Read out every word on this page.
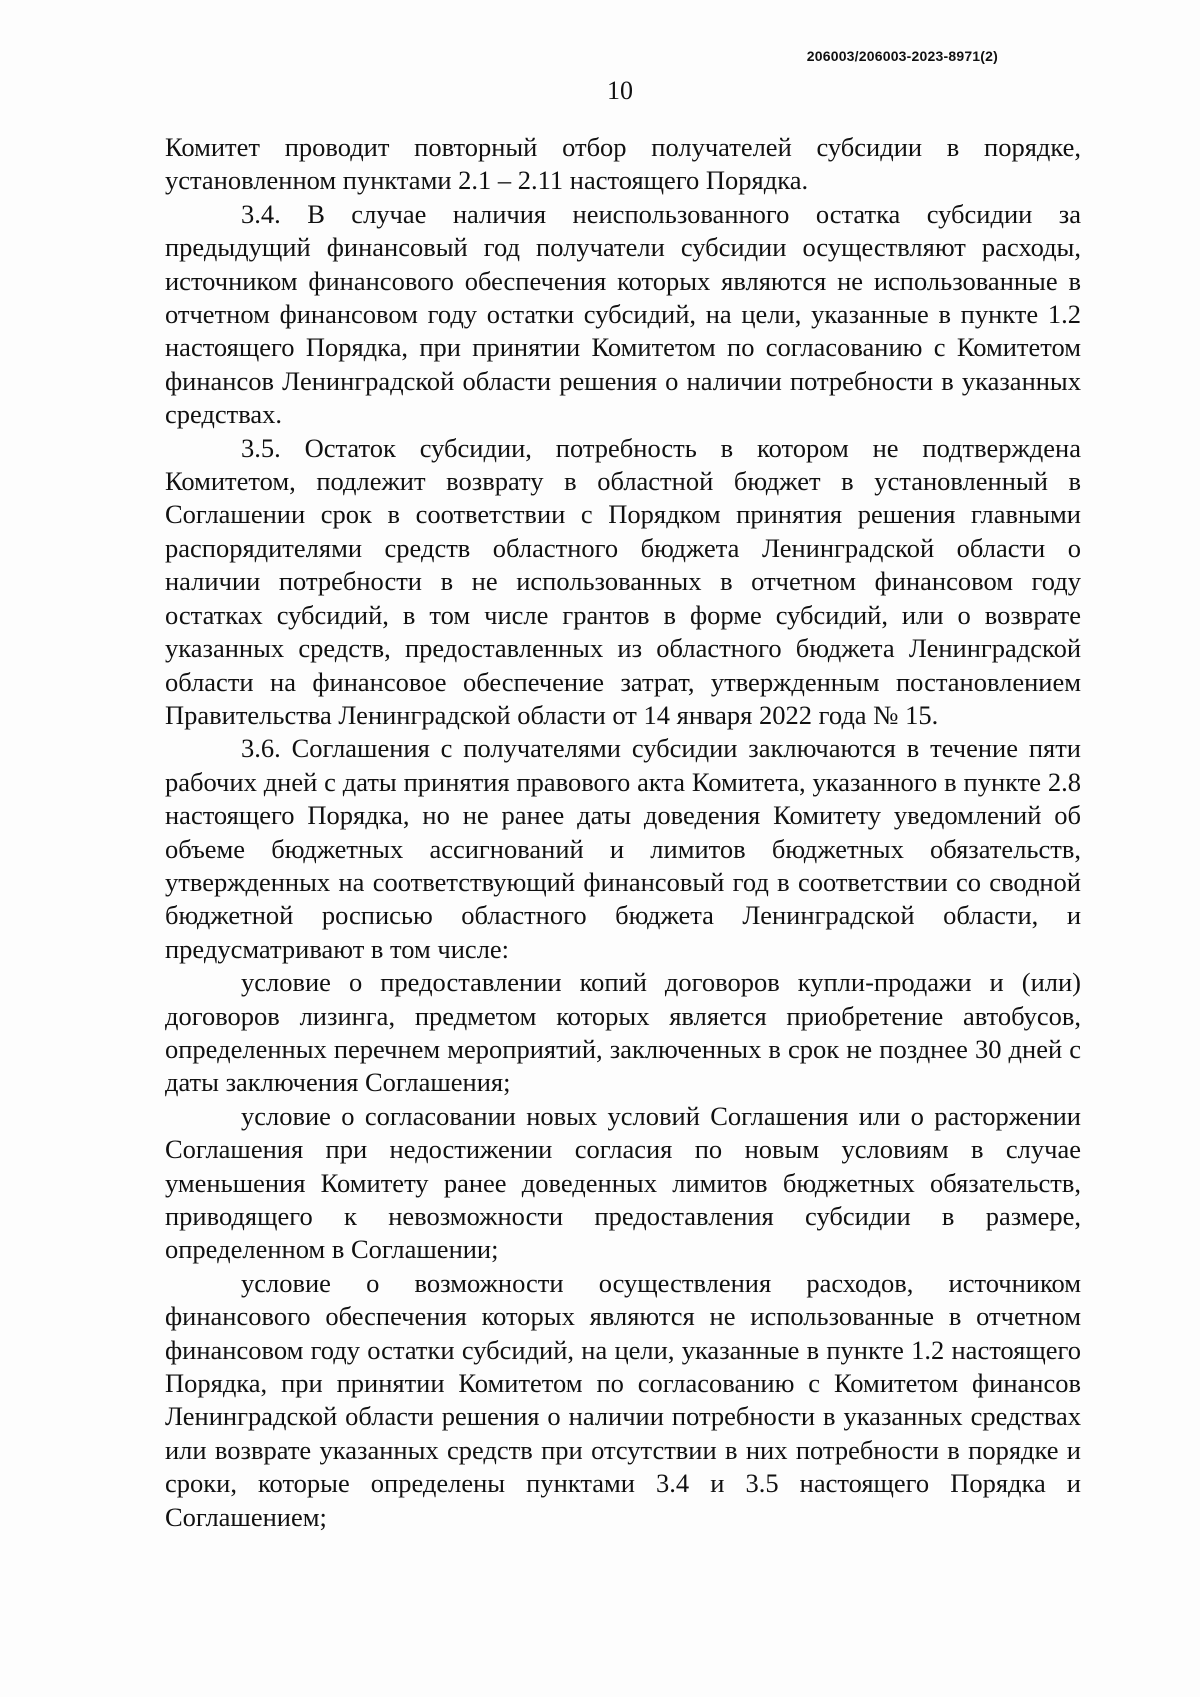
206003/206003-2023-8971(2)
10

Комитет проводит повторный отбор получателей субсидии в порядке, установленном пунктами 2.1 – 2.11 настоящего Порядка.

3.4. В случае наличия неиспользованного остатка субсидии за предыдущий финансовый год получатели субсидии осуществляют расходы, источником финансового обеспечения которых являются не использованные в отчетном финансовом году остатки субсидий, на цели, указанные в пункте 1.2 настоящего Порядка, при принятии Комитетом по согласованию с Комитетом финансов Ленинградской области решения о наличии потребности в указанных средствах.

3.5. Остаток субсидии, потребность в котором не подтверждена Комитетом, подлежит возврату в областной бюджет в установленный в Соглашении срок в соответствии с Порядком принятия решения главными распорядителями средств областного бюджета Ленинградской области о наличии потребности в не использованных в отчетном финансовом году остатках субсидий, в том числе грантов в форме субсидий, или о возврате указанных средств, предоставленных из областного бюджета Ленинградской области на финансовое обеспечение затрат, утвержденным постановлением Правительства Ленинградской области от 14 января 2022 года № 15.

3.6. Соглашения с получателями субсидии заключаются в течение пяти рабочих дней с даты принятия правового акта Комитета, указанного в пункте 2.8 настоящего Порядка, но не ранее даты доведения Комитету уведомлений об объеме бюджетных ассигнований и лимитов бюджетных обязательств, утвержденных на соответствующий финансовый год в соответствии со сводной бюджетной росписью областного бюджета Ленинградской области, и предусматривают в том числе:

условие о предоставлении копий договоров купли-продажи и (или) договоров лизинга, предметом которых является приобретение автобусов, определенных перечнем мероприятий, заключенных в срок не позднее 30 дней с даты заключения Соглашения;

условие о согласовании новых условий Соглашения или о расторжении Соглашения при недостижении согласия по новым условиям в случае уменьшения Комитету ранее доведенных лимитов бюджетных обязательств, приводящего к невозможности предоставления субсидии в размере, определенном в Соглашении;

условие о возможности осуществления расходов, источником финансового обеспечения которых являются не использованные в отчетном финансовом году остатки субсидий, на цели, указанные в пункте 1.2 настоящего Порядка, при принятии Комитетом по согласованию с Комитетом финансов Ленинградской области решения о наличии потребности в указанных средствах или возврате указанных средств при отсутствии в них потребности в порядке и сроки, которые определены пунктами 3.4 и 3.5 настоящего Порядка и Соглашением;
